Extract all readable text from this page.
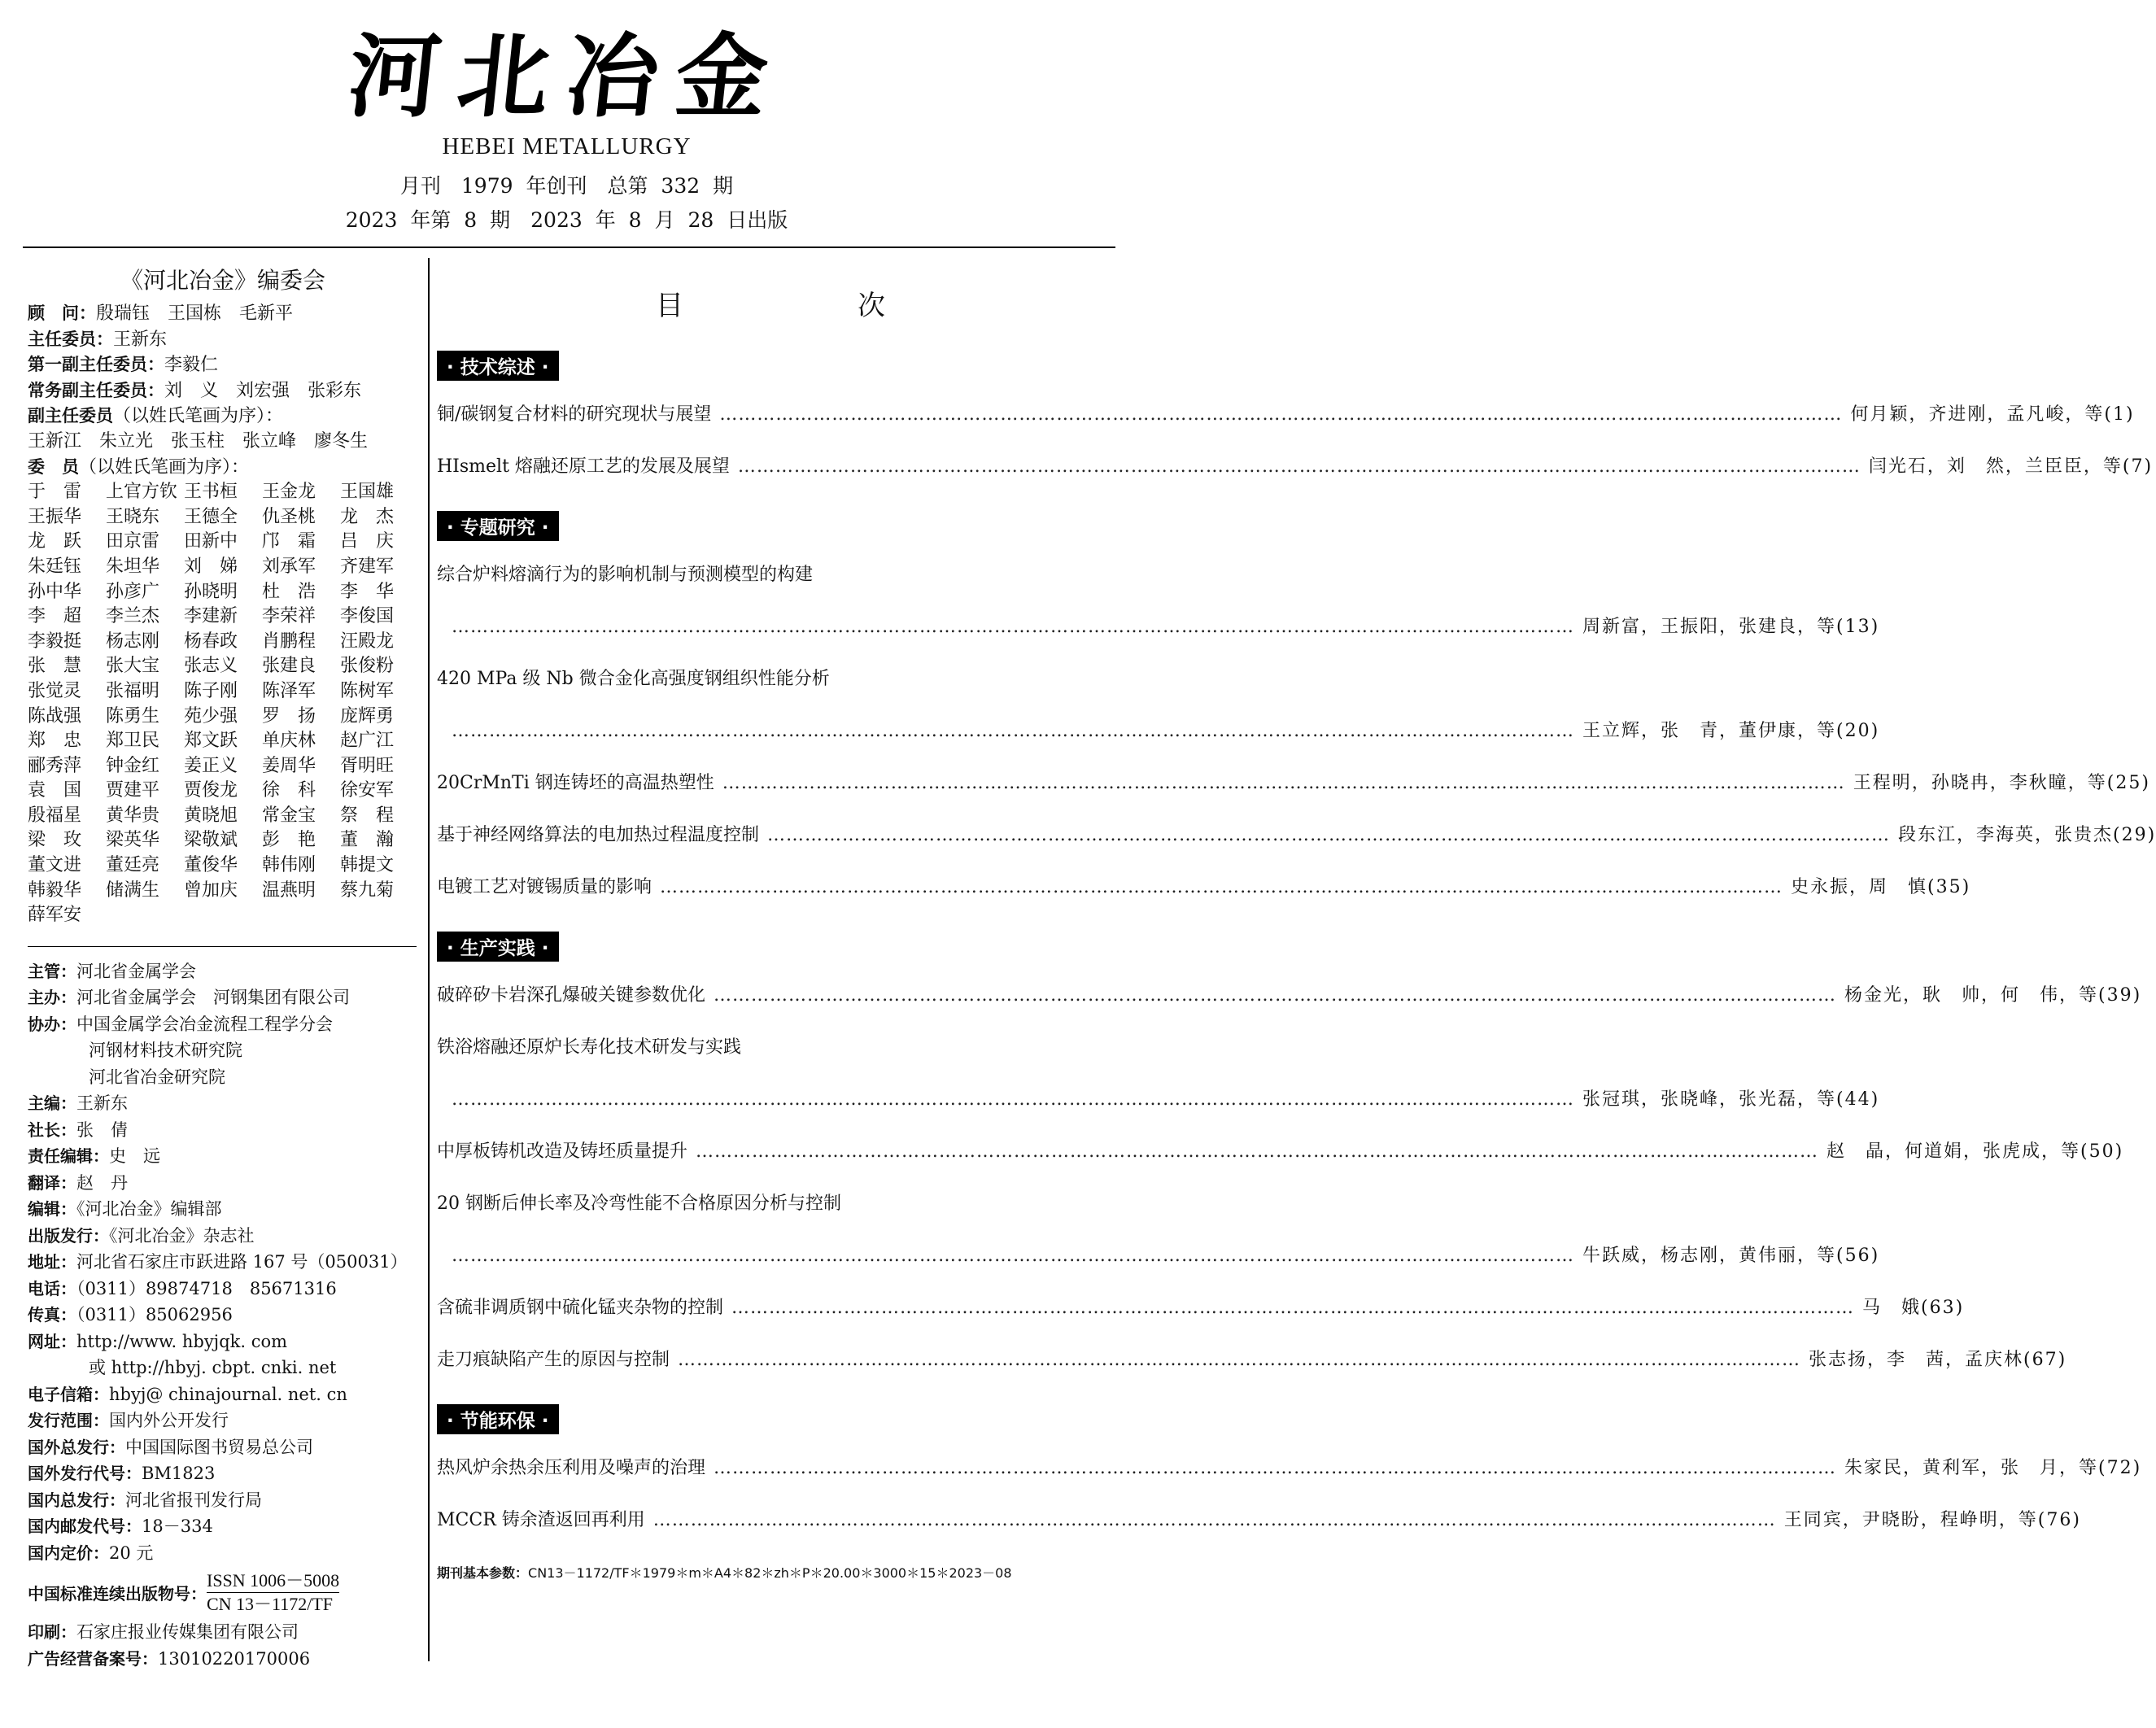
河北冶金
HEBEI METALLURGY
月刊　1979 年创刊　总第 332 期
2023 年第 8 期　2023 年 8 月 28 日出版
《河北冶金》编委会
顾　问：殷瑞钰　王国栋　毛新平
主任委员：王新东
第一副主任委员：李毅仁
常务副主任委员：刘　义　刘宏强　张彩东
副主任委员（以姓氏笔画为序）：
王新江　朱立光　张玉柱　张立峰　廖冬生
委　员（以姓氏笔画为序）：
于　雷	上官方钦 王书桓	王金龙	王国雄
王振华	王晓东	王德全	仇圣桃	龙　杰
龙　跃	田京雷	田新中	邝　霜	吕　庆
朱廷钰	朱坦华	刘　娣	刘承军	齐建军
孙中华	孙彦广	孙晓明	杜　浩	李　华
李　超	李兰杰	李建新	李荣祥	李俊国
李毅挺	杨志刚	杨春政	肖鹏程	汪殿龙
张　慧	张大宝	张志义	张建良	张俊粉
张觉灵	张福明	陈子刚	陈泽军	陈树军
陈战强	陈勇生	苑少强	罗　扬	庞辉勇
郑　忠	郑卫民	郑文跃	单庆林	赵广江
郦秀萍	钟金红	姜正义	姜周华	胥明旺
袁　国	贾建平	贾俊龙	徐　科	徐安军
殷福星	黄华贵	黄晓旭	常金宝	祭　程
梁　玫	梁英华	梁敬斌	彭　艳	董　瀚
董文进	董廷亮	董俊华	韩伟刚	韩提文
韩毅华	储满生	曾加庆	温燕明	蔡九菊
薛军安
主管：河北省金属学会
主办：河北省金属学会　河钢集团有限公司
协办：中国金属学会冶金流程工程学分会
河钢材料技术研究院
河北省冶金研究院
主编：王新东
社长：张　倩
责任编辑：史　远
翻译：赵　丹
编辑：《河北冶金》编辑部
出版发行：《河北冶金》杂志社
地址：河北省石家庄市跃进路 167 号（050031）
电话：（0311）89874718　85671316
传真：（0311）85062956
网址：http://www. hbyjqk. com
或 http://hbyj. cbpt. cnki. net
电子信箱：hbyj@ chinajournal. net. cn
发行范围：国内外公开发行
国外总发行：中国国际图书贸易总公司
国外发行代号：BM1823
国内总发行：河北省报刊发行局
国内邮发代号：18－334
国内定价：20 元
中国标准连续出版物号： $\frac{\text{ISSN 1006－5008}}{CN 13-1172/TF}$
印刷：石家庄报业传媒集团有限公司
广告经营备案号：13010220170006
目　次
· 技术综述 ·
铜/碳钢复合材料的研究现状与展望 ……………………………………………………………………………………………………………………………………………………………… 何月颖，齐进刚，孟凡峻，等(1)
HIsmelt 熔融还原工艺的发展及展望 ……………………………………………………………………………………………………………………………………………………………… 闫光石，刘　然，兰臣臣，等(7)
· 专题研究 ·
综合炉料熔滴行为的影响机制与预测模型的构建
……………………………………………………………………………………………………………………………………………………………… 周新富，王振阳，张建良，等(13)
420 MPa 级 Nb 微合金化高强度钢组织性能分析
……………………………………………………………………………………………………………………………………………………………… 王立辉，张　青，董伊康，等(20)
20CrMnTi 钢连铸坯的高温热塑性 ……………………………………………………………………………………………………………………………………………………………… 王程明，孙晓冉，李秋瞳，等(25)
基于神经网络算法的电加热过程温度控制 ……………………………………………………………………………………………………………………………………………………………… 段东江，李海英，张贵杰(29)
电镀工艺对镀锡质量的影响 ……………………………………………………………………………………………………………………………………………………………… 史永振，周　慎(35)
· 生产实践 ·
破碎矽卡岩深孔爆破关键参数优化 ……………………………………………………………………………………………………………………………………………………………… 杨金光，耿　帅，何　伟，等(39)
铁浴熔融还原炉长寿化技术研发与实践
……………………………………………………………………………………………………………………………………………………………… 张冠琪，张晓峰，张光磊，等(44)
中厚板铸机改造及铸坯质量提升 ……………………………………………………………………………………………………………………………………………………………… 赵　晶，何道娟，张虎成，等(50)
20 钢断后伸长率及冷弯性能不合格原因分析与控制
……………………………………………………………………………………………………………………………………………………………… 牛跃威，杨志刚，黄伟丽，等(56)
含硫非调质钢中硫化锰夹杂物的控制 ……………………………………………………………………………………………………………………………………………………………… 马　娥(63)
走刀痕缺陷产生的原因与控制 ……………………………………………………………………………………………………………………………………………………………… 张志扬，李　茜，孟庆林(67)
· 节能环保 ·
热风炉余热余压利用及噪声的治理 ……………………………………………………………………………………………………………………………………………………………… 朱家民，黄利军，张　月，等(72)
MCCR 铸余渣返回再利用 ……………………………………………………………………………………………………………………………………………………………… 王同宾，尹晓盼，程峥明，等(76)
期刊基本参数：CN13－1172/TF＊1979＊m＊A4＊82＊zh＊P＊20.00＊3000＊15＊2023－08
